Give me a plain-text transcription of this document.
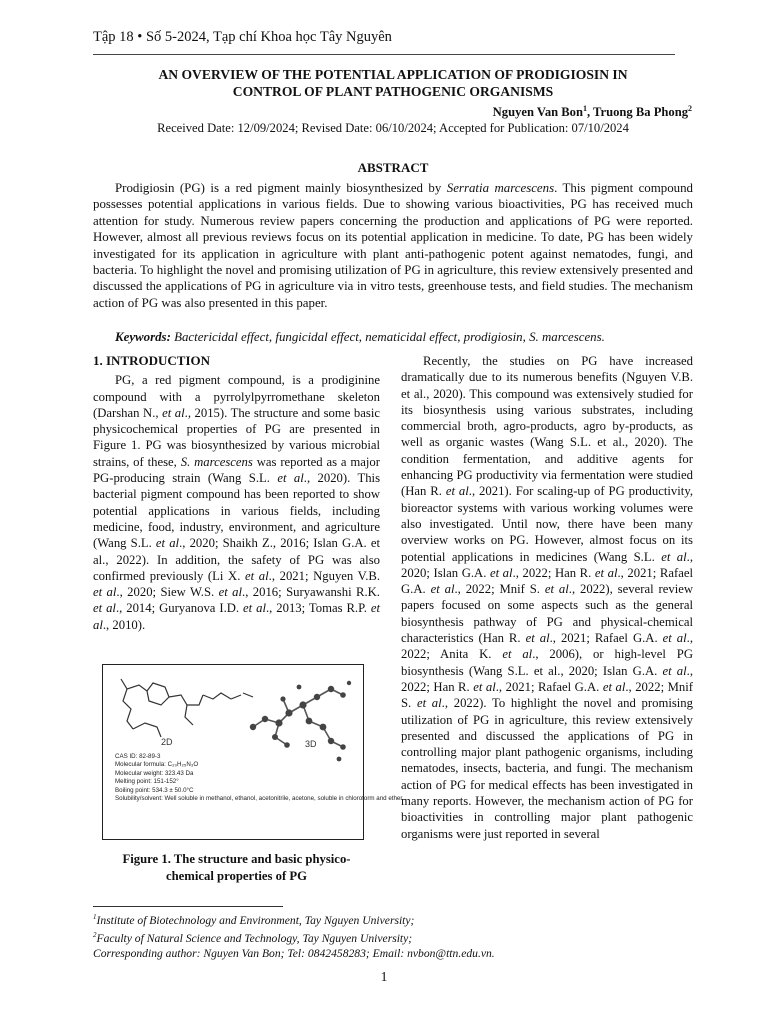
Tập 18 • Số 5-2024, Tạp chí Khoa học Tây Nguyên
AN OVERVIEW OF THE POTENTIAL APPLICATION OF PRODIGIOSIN IN
CONTROL OF PLANT PATHOGENIC ORGANISMS
Nguyen Van Bon$^1$, Truong Ba Phong$^2$
Received Date: 12/09/2024; Revised Date: 06/10/2024; Accepted for Publication: 07/10/2024
ABSTRACT

Prodigiosin (PG) is a red pigment mainly biosynthesized by Serratia marcescens. This pigment compound possesses potential applications in various fields. Due to showing various bioactivities, PG has received much attention for study. Numerous review papers concerning the production and applications of PG were reported. However, almost all previous reviews focus on its potential application in medicine. To date, PG has been widely investigated for its application in agriculture with plant anti-pathogenic potent against nematodes, fungi, and bacteria. To highlight the novel and promising utilization of PG in agriculture, this review extensively presented and discussed the applications of PG in agriculture via in vitro tests, greenhouse tests, and field studies. The mechanism action of PG was also presented in this paper.

Keywords: Bactericidal effect, fungicidal effect, nematicidal effect, prodigiosin, S. marcescens.
1. INTRODUCTION

PG, a red pigment compound, is a prodiginine compound with a pyrrolylpyrromethane skeleton (Darshan N., et al., 2015). The structure and some basic physicochemical properties of PG are presented in Figure 1. PG was biosynthesized by various microbial strains, of these, S. marcescens was reported as a major PG-producing strain (Wang S.L. et al., 2020). This bacterial pigment compound has been reported to show potential applications in various fields, including medicine, food, industry, environment, and agriculture (Wang S.L. et al., 2020; Shaikh Z., 2016; Islan G.A. et al., 2022). In addition, the safety of PG was also confirmed previously (Li X. et al., 2021; Nguyen V.B. et al., 2020; Siew W.S. et al., 2016; Suryawanshi R.K. et al., 2014; Guryanova I.D. et al., 2013; Tomas R.P. et al., 2010).

Recently, the studies on PG have increased dramatically due to its numerous benefits (Nguyen V.B. et al., 2020). This compound was extensively studied for its biosynthesis using various substrates, including commercial broth, agro-products, agro by-products, as well as organic wastes (Wang S.L. et al., 2020). The condition fermentation, and additive agents for enhancing PG productivity via fermentation were studied (Han R. et al., 2021). For scaling-up of PG productivity, bioreactor systems with various working volumes were also investigated. Until now, there have been many overview works on PG. However, almost focus on its potential applications in medicines (Wang S.L. et al., 2020; Islan G.A. et al., 2022; Han R. et al., 2021; Rafael G.A. et al., 2022; Mnif S. et al., 2022), several review papers focused on some aspects such as the general biosynthesis pathway of PG and physical-chemical characteristics (Han R. et al., 2021; Rafael G.A. et al., 2022; Anita K. et al., 2006), or high-level PG biosynthesis (Wang S.L. et al., 2020; Islan G.A. et al., 2022; Han R. et al., 2021; Rafael G.A. et al., 2022; Mnif S. et al., 2022). To highlight the novel and promising utilization of PG in agriculture, this review extensively presented and discussed the applications of PG in controlling major plant pathogenic organisms, including nematodes, insects, bacteria, and fungi. The mechanism action of PG for medical effects has been investigated in many reports. However, the mechanism action of PG for bioactivities in controlling major plant pathogenic organisms were just reported in several

2D	3D
CAS ID: 82-89-3
Molecular formula: C₂₀H₂₅N₃O
Molecular weight: 323.43 Da
Melting point: 151-152°
Boiling point: 534.3 ± 50.0°C
Solubility/solvent: Well soluble in methanol, ethanol, acetonitrile, acetone, soluble in chloroform and ether
Figure 1. The structure and basic physico-
chemical properties of PG
$^1$Institute of Biotechnology and Environment, Tay Nguyen University;
$^2$Faculty of Natural Science and Technology, Tay Nguyen University;
Corresponding author: Nguyen Van Bon; Tel: 0842458283; Email: nvbon@ttn.edu.vn.
1
